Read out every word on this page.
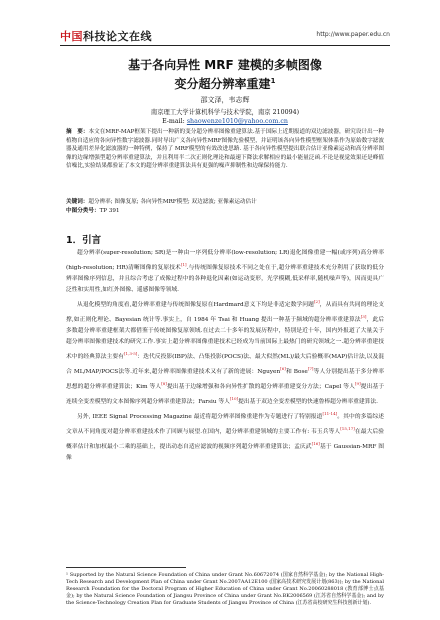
中国科技论文在线	http://www.paper.edu.cn
基于各向异性 MRF 建模的多帧图像
变分超分辨率重建$^1$
邵文泽，韦志辉
南京理工大学计算机科学与技术学院，南京 210094)
E-mail: shaowenze1010@yahoo.com.cn
摘　要：本文在MRF-MAP框架下提出一种新的变分超分辨率图像重建算法.基于国际上近期报道的双边滤波器，研究设计出一种植物自适应的各向异性数字滤波器.同时导出广义各向异性MRF图像先验模型，并证明该各向异性模型框架体系作为原始数字滤波器及通用差异化滤波器的一种特例，保持了 MRF模型的有效改进思路. 基于各向异性模型提出联合估计亚像素运动和高分辨率图像的边缘增强型超分辨率重建算法，并且利用半二次正则化理论和最速下降法求解相应的最小能量泛函.不论是视觉效果还是峰值信噪比,实验结果都验证了本文的超分辨率重建算法具有更强的噪声抑制性和边缘保持能力.
关键词：超分辨率; 图像复原; 各向异性MRF模型; 双边滤波; 亚像素运动估计
中图分类号：TP 391
1．引言

超分辨率(super-resolution; SR)是一种由一序列低分辨率(low-resolution; LR)退化图像重建一幅(或序列)高分辨率(high-resolution; HR)清晰图像的复原技术[1].与传统图像复原技术不同之处在于,超分辨率重建技术充分利用了获取的低分辨率图像序列信息，并且综合考虑了成像过程中的各种退化因素(如运动变形，光学模糊,低采样率,随机噪声等)，因而更具广泛性和实用性,如红外图像、遥感图像等领域.

从退化模型的角度看,超分辨率重建与传统图像复原在Hardmard意义下均是非适定数学问题[2]，从而具有共同的理论支撑,如正则化理论、Bayesian 统计等.事实上，自 1984 年 Tsai 和 Huang 提出一种基于频域的超分辨率重建算法[3]，此后多数超分辨率重建框架大都借鉴于传统图像复原领域.在过去二十多年的发展历程中，特别是近十年，国内外报道了大量关于超分辨率图像重建技术的研究工作.事实上超分辨率图像重建技术已经成为当前国际上最热门的研究领域之一.超分辨率重建技术中的经典算法主要有[1,3-5]：迭代反投影(IBP)法、凸集投影(POCS)法、最大似然(ML)/最大后验概率(MAP)估计法,以及混合 ML/MAP/POCS法等.近年来,超分辨率图像重建技术又有了新的进展：Nguyen[6]和 Bose[7]等人分别提出基于多分辨率思想的超分辨率重建算法；Kim 等人[8]提出基于边缘增强和各向异性扩散的超分辨率重建变分方法；Capel 等人[9]提出基于连续全变差模型的文本图像序列超分辨率重建算法；Farsiu 等人[10]提出基于双边全变差模型的快速鲁棒超分辨率重建算法.

另外, IEEE Signal Processing Magazine 最近将超分辨率图像重建作为专题进行了特别报道[11-14]。其中的多篇综述文章从不同角度对超分辨率重建技术作了回顾与展望.在国内，超分辨率重建领域的主要工作有: 韦玉兵等人[15,17]在最大后验概率估计和加权最小二乘的基础上，提出动态自适应滤波的视频序列超分辨率重建算法；孟庆武[16]基于 Gaussian-MRF 图像

¹ Supported by the Natural Science Foundation of China under Grant No.60672074 (国家自然科学基金); by the National High-Tech Research and Development Plan of China under Grant No.2007AA12E100 (国家高技术研究发展计划(863)); by the National Research Foundation for the Doctoral Program of Higher Education of China under Grant No.20060288018 (教育部博士点基金); by the Natural Science Foundation of Jiangsu Province of China under Grant No.BK2006569 (江苏省自然科学基金); and by the Science-Technology Creation Plan for Graduate Students of Jiangsu Province of China (江苏省高校研究生科技创新计划).
